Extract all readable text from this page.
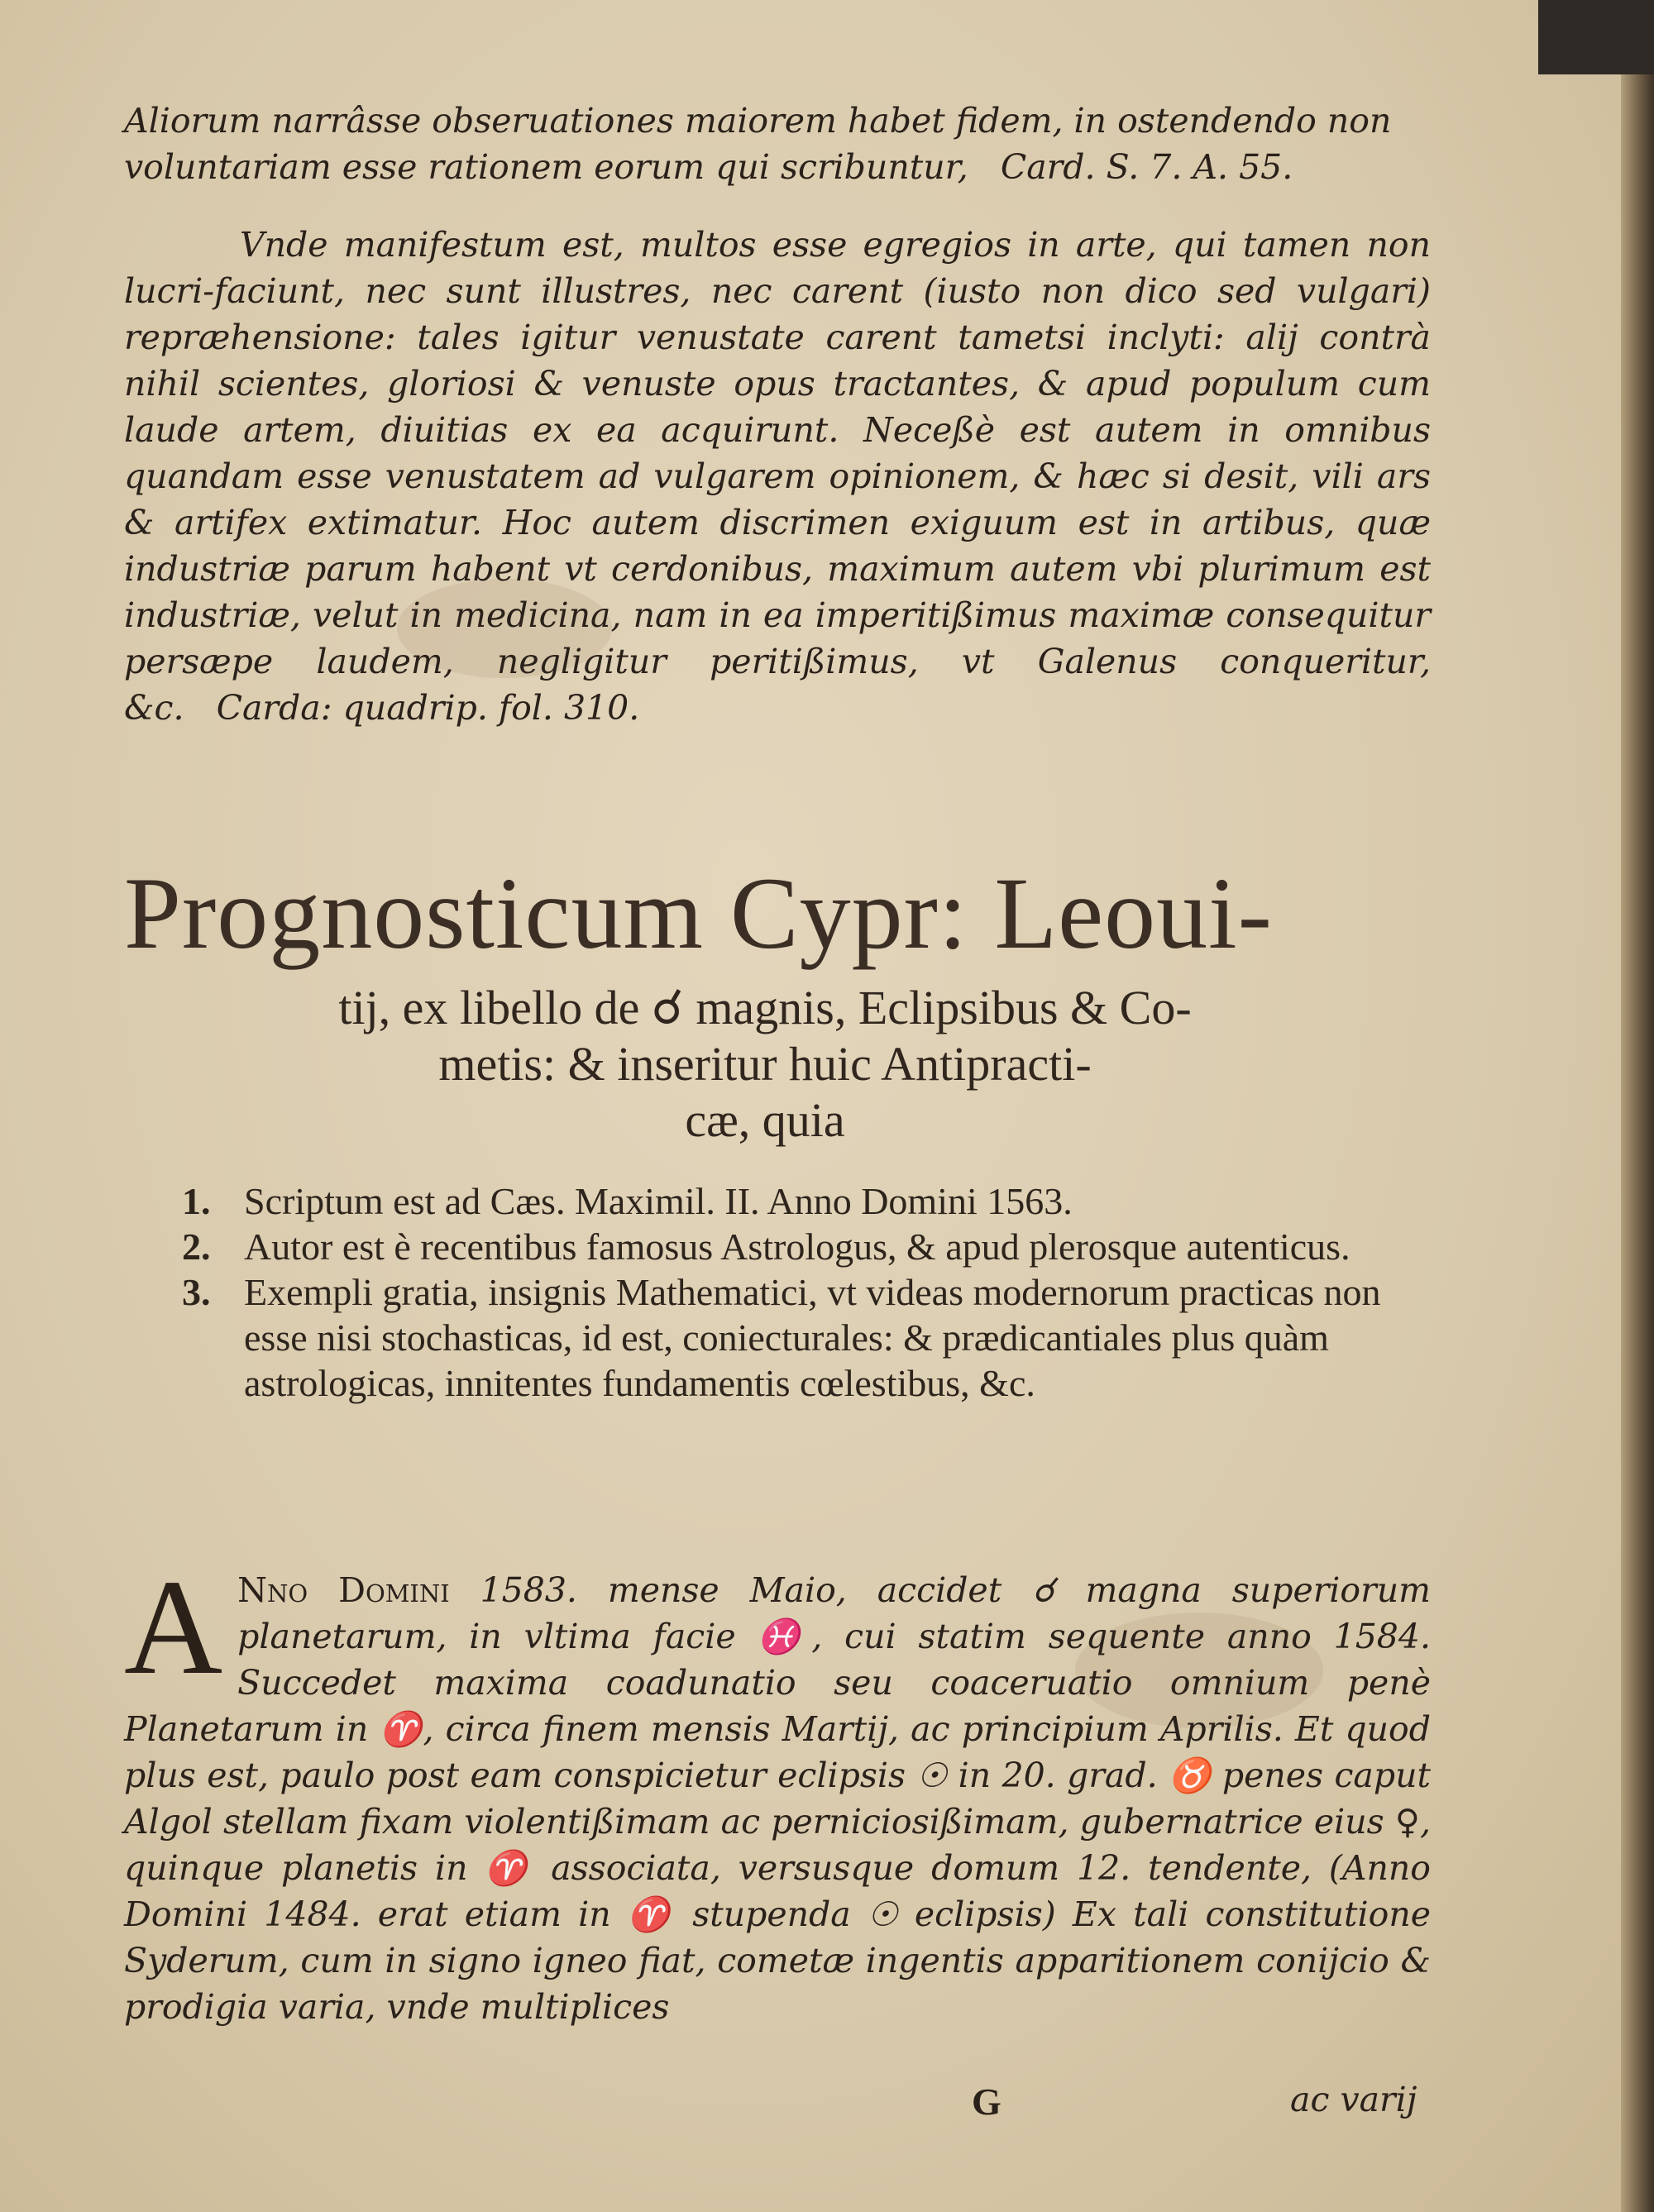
Aliorum narrâsse obseruationes maiorem habet fidem, in ostendendo non
voluntariam esse rationem eorum qui scribuntur, Card. S. 7. A. 55.

Vnde manifestum est, multos esse egregios in arte, qui tamen non lucri-faciunt, nec sunt illustres, nec carent (iusto non dico sed vulgari) repræhensione: tales igitur venustate carent tametsi inclyti: alij contrà nihil scientes, gloriosi & venuste opus tractantes, & apud populum cum laude artem, diuitias ex ea acquirunt. Neceßè est autem in omnibus quandam esse venustatem ad vulgarem opinionem, & hæc si desit, vili ars & artifex extimatur. Hoc autem discrimen exiguum est in artibus, quæ industriæ parum habent vt cerdonibus, maximum autem vbi plurimum est industriæ, velut in medicina, nam in ea imperitißimus maximæ consequitur persæpe laudem, negligitur peritißimus, vt Galenus conqueritur, &c. Carda: quadrip. fol. 310.

Prognosticum Cypr: Leoui-

tij, ex libello de ☌ magnis, Eclipsibus & Co-

metis: & inseritur huic Antipracti-

cæ, quia

1. Scriptum est ad Cæs. Maximil. II. Anno Domini 1563.

2. Autor est è recentibus famosus Astrologus, & apud plerosque autenticus.

3. Exempli gratia, insignis Mathematici, vt videas modernorum practicas non esse nisi stochasticas, id est, coniecturales: & prædicantiales plus quàm astrologicas, innitentes fundamentis cœlestibus, &c.

A Nno Domini 1583. mense Maio, accidet ☌ magna superiorum planetarum, in vltima facie ♓, cui statim sequente anno 1584. Succedet maxima coadunatio seu coaceruatio omnium penè Planetarum in ♈, circa finem mensis Martij, ac principium Aprilis. Et quod plus est, paulo post eam conspicietur eclipsis ☉ in 20. grad. ♉ penes caput Algol stellam fixam violentißimam ac perniciosißimam, gubernatrice eius ♀, quinque planetis in ♈ associata, versusque domum 12. tendente, (Anno Domini 1484. erat etiam in ♈ stupenda ☉ eclipsis) Ex tali constitutione Syderum, cum in signo igneo fiat, cometæ ingentis apparitionem conijcio & prodigia varia, vnde multiplices
G	ac varij
